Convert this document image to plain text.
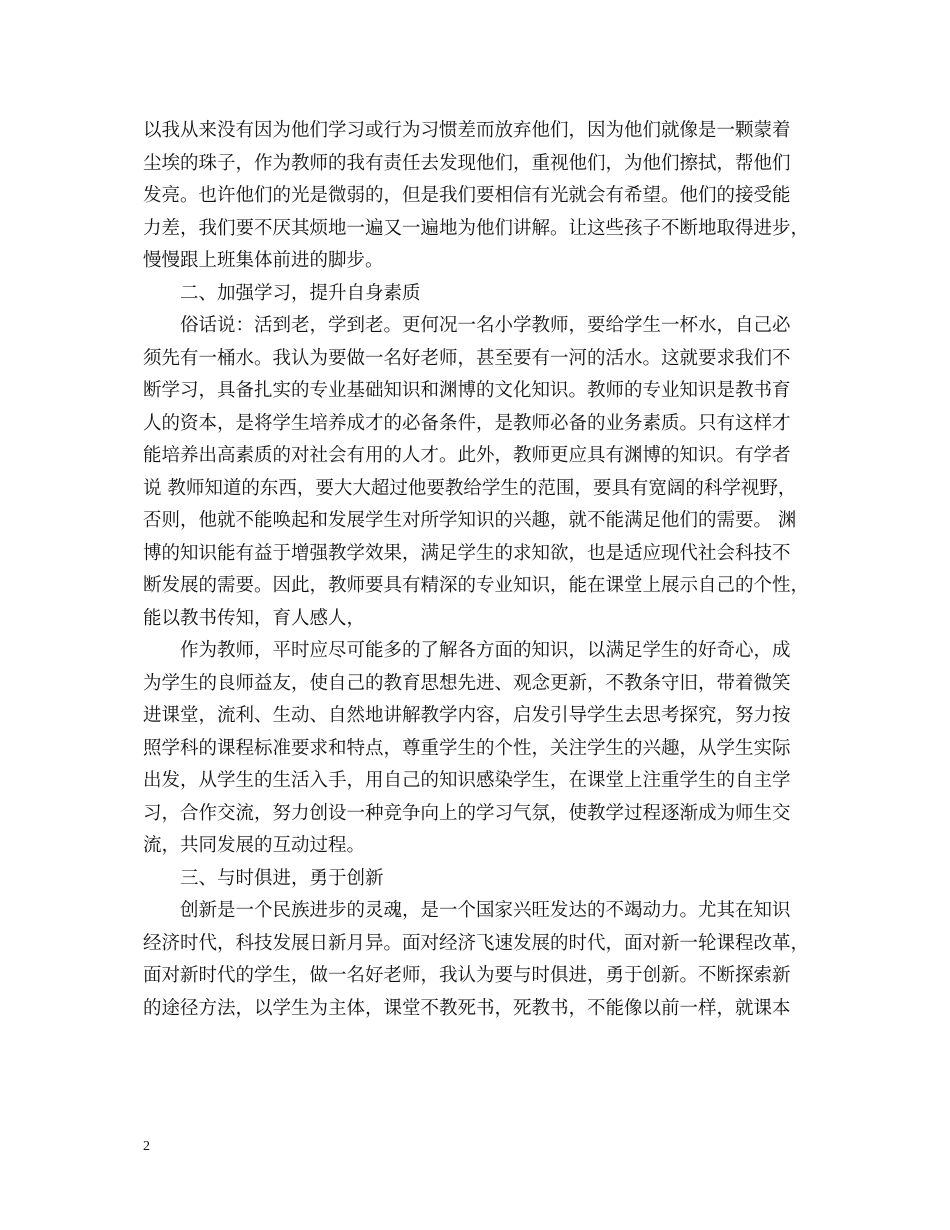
以我从来没有因为他们学习或行为习惯差而放弃他们，因为他们就像是一颗蒙着
尘埃的珠子，作为教师的我有责任去发现他们，重视他们，为他们擦拭，帮他们
发亮。也许他们的光是微弱的，但是我们要相信有光就会有希望。他们的接受能
力差，我们要不厌其烦地一遍又一遍地为他们讲解。让这些孩子不断地取得进步，
慢慢跟上班集体前进的脚步。
二、加强学习，提升自身素质
俗话说：活到老，学到老。更何况一名小学教师，要给学生一杯水，自己必
须先有一桶水。我认为要做一名好老师，甚至要有一河的活水。这就要求我们不
断学习，具备扎实的专业基础知识和渊博的文化知识。教师的专业知识是教书育
人的资本，是将学生培养成才的必备条件，是教师必备的业务素质。只有这样才
能培养出高素质的对社会有用的人才。此外，教师更应具有渊博的知识。有学者
说 教师知道的东西，要大大超过他要教给学生的范围，要具有宽阔的科学视野，
否则，他就不能唤起和发展学生对所学知识的兴趣，就不能满足他们的需要。 渊
博的知识能有益于增强教学效果，满足学生的求知欲，也是适应现代社会科技不
断发展的需要。因此，教师要具有精深的专业知识，能在课堂上展示自己的个性，
能以教书传知，育人感人，
作为教师，平时应尽可能多的了解各方面的知识，以满足学生的好奇心，成
为学生的良师益友，使自己的教育思想先进、观念更新，不教条守旧，带着微笑
进课堂，流利、生动、自然地讲解教学内容，启发引导学生去思考探究，努力按
照学科的课程标准要求和特点，尊重学生的个性，关注学生的兴趣，从学生实际
出发，从学生的生活入手，用自己的知识感染学生，在课堂上注重学生的自主学
习，合作交流，努力创设一种竞争向上的学习气氛，使教学过程逐渐成为师生交
流，共同发展的互动过程。
三、与时俱进，勇于创新
创新是一个民族进步的灵魂，是一个国家兴旺发达的不竭动力。尤其在知识
经济时代，科技发展日新月异。面对经济飞速发展的时代，面对新一轮课程改革，
面对新时代的学生，做一名好老师，我认为要与时俱进，勇于创新。不断探索新
的途径方法，以学生为主体，课堂不教死书，死教书，不能像以前一样，就课本
2
